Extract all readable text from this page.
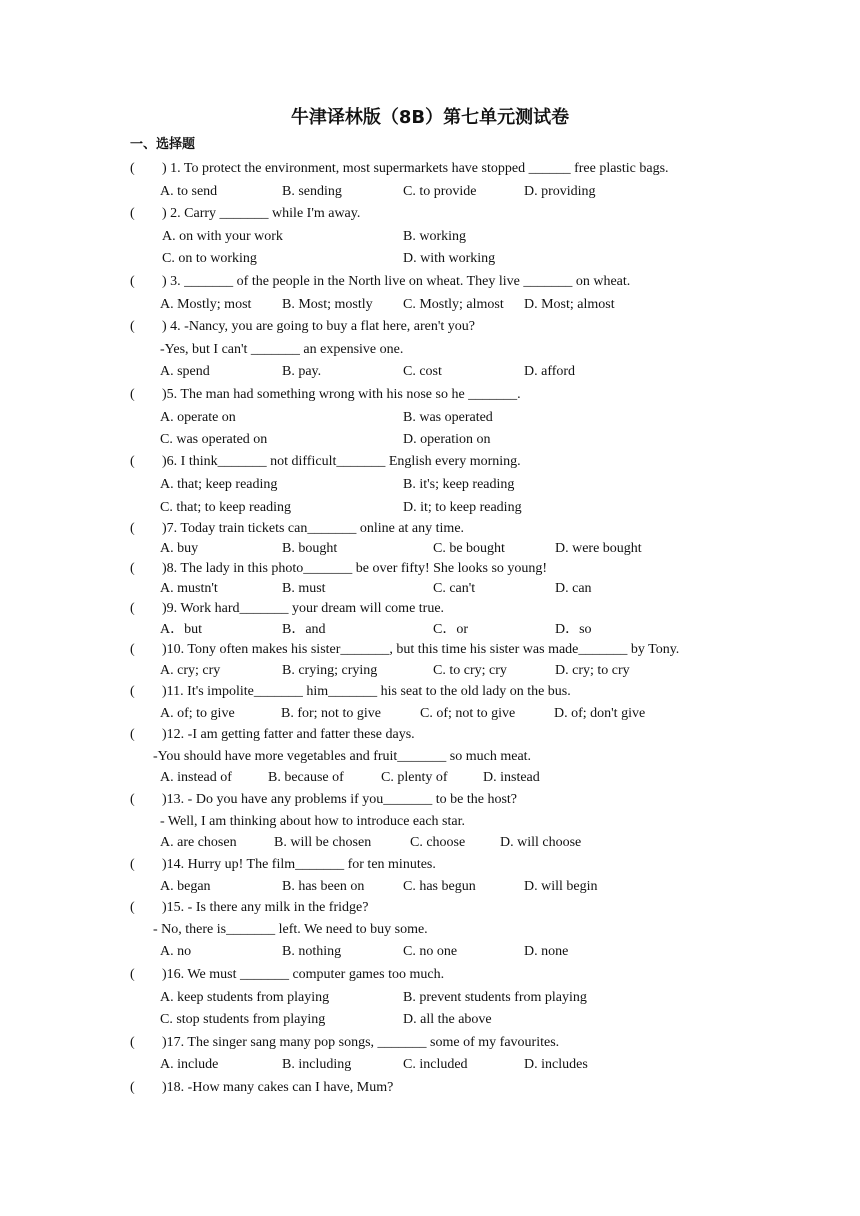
牛津译林版（8B）第七单元测试卷
一、选择题
( ) 1. To protect the environment, most supermarkets have stopped ______ free plastic bags.
A. to send	B. sending	C. to provide	D. providing
( ) 2. Carry _______ while I'm away.
A. on with your work	B. working
C. on to working	D. with working
( ) 3. _______ of the people in the North live on wheat. They live _______ on wheat.
A. Mostly; most B. Most; mostly C. Mostly; almost D. Most; almost
( ) 4. -Nancy, you are going to buy a flat here, aren't you?
-Yes, but I can't _______ an expensive one.
A. spend	B. pay.	C. cost	D. afford
( )5. The man had something wrong with his nose so he _______.
A. operate on	B. was operated
C. was operated on	D. operation on
( )6. I think_______ not difficult_______ English every morning.
A. that; keep reading	B. it's; keep reading
C. that; to keep reading	D. it; to keep reading
( )7. Today train tickets can_______ online at any time.
A. buy	B. bought	C. be bought	D. were bought
( )8. The lady in this photo_______ be over fifty! She looks so young!
A. mustn't	B. must	C. can't	D. can
( )9. Work hard_______ your dream will come true.
A．but	B．and	C．or	D．so
( )10. Tony often makes his sister_______, but this time his sister was made_______ by Tony.
A. cry; cry	B. crying; crying	C. to cry; cry	D. cry; to cry
( )11. It's impolite_______ him_______ his seat to the old lady on the bus.
A. of; to give	B. for; not to give	C. of; not to give	D. of; don't give
( )12. -I am getting fatter and fatter these days.
-You should have more vegetables and fruit_______ so much meat.
A. instead of	B. because of	C. plenty of	D. instead
( )13. - Do you have any problems if you_______ to be the host?
- Well, I am thinking about how to introduce each star.
A. are chosen	B. will be chosen	C. choose D. will choose
( )14. Hurry up! The film_______ for ten minutes.
A. began	B. has been on	C. has begun	D. will begin
( )15. - Is there any milk in the fridge?
- No, there is_______ left. We need to buy some.
A. no	B. nothing	C. no one	D. none
( )16. We must _______ computer games too much.
A. keep students from playing	B. prevent students from playing
C. stop students from playing	D. all the above
( )17. The singer sang many pop songs, _______ some of my favourites.
A. include	B. including	C. included	D. includes
( )18. -How many cakes can I have, Mum?
